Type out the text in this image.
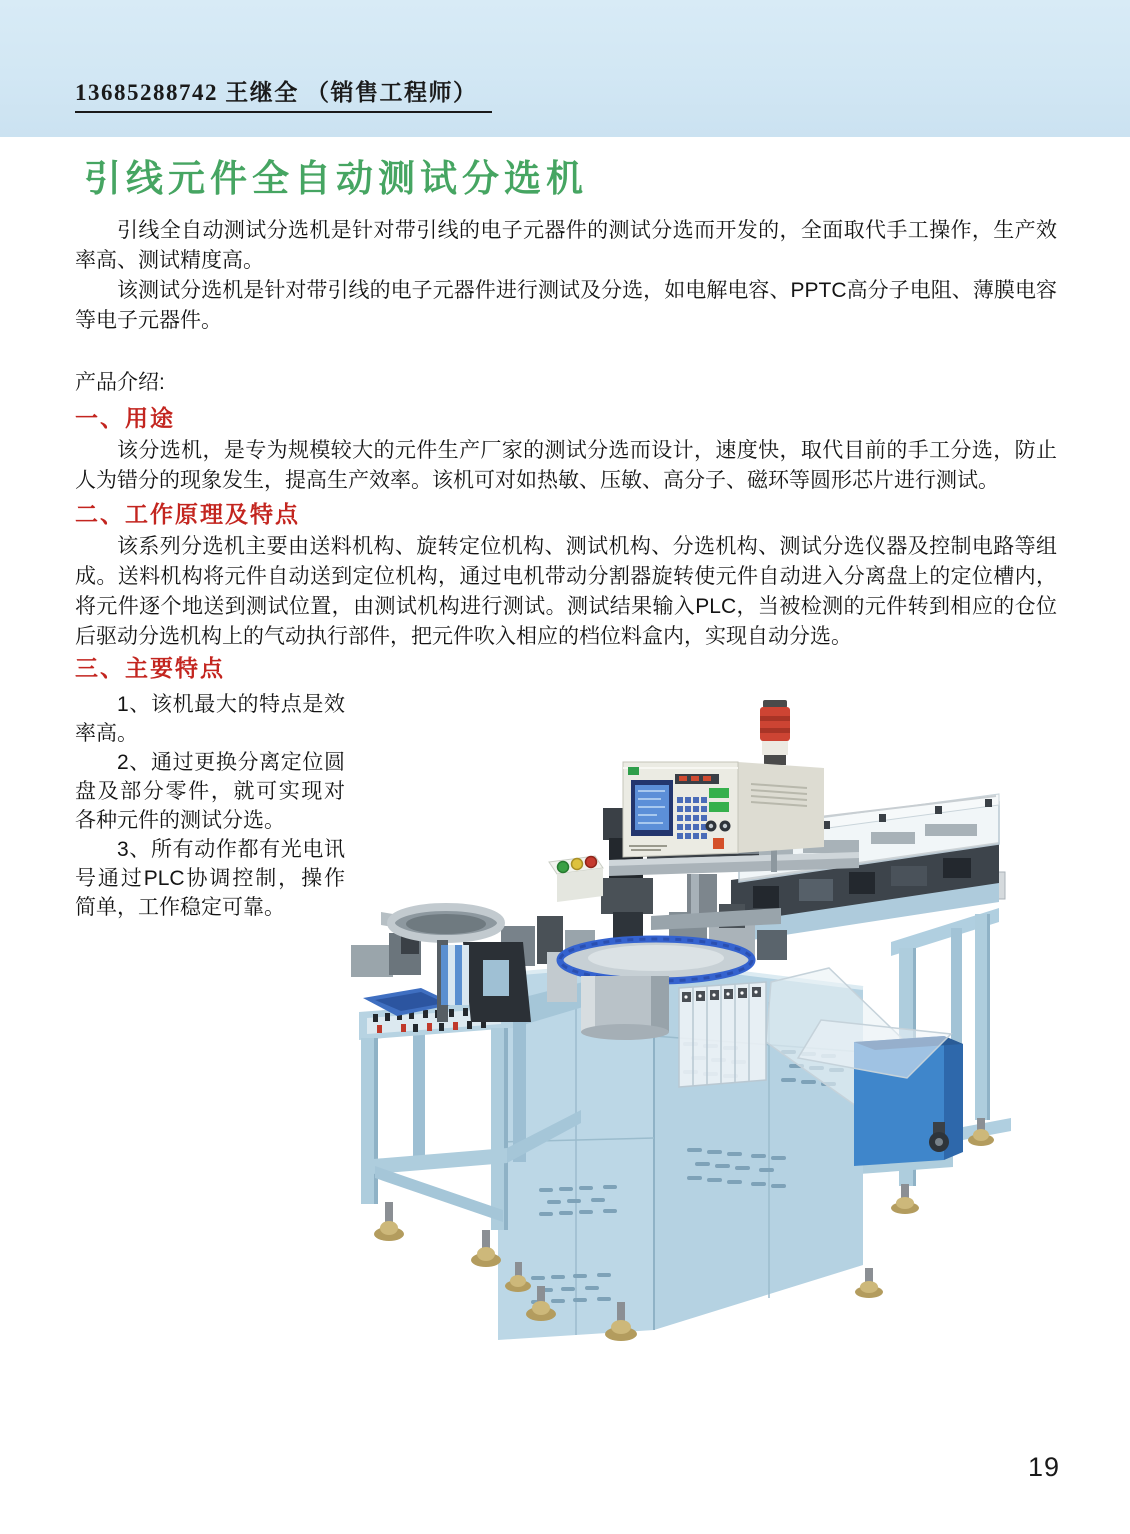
13685288742 王继全 （销售工程师）
引线元件全自动测试分选机

引线全自动测试分选机是针对带引线的电子元器件的测试分选而开发的，全面取代手工操作，生产效率高、测试精度高。

该测试分选机是针对带引线的电子元器件进行测试及分选，如电解电容、PPTC高分子电阻、薄膜电容等电子元器件。

产品介绍:

一、用途

该分选机，是专为规模较大的元件生产厂家的测试分选而设计，速度快，取代目前的手工分选，防止人为错分的现象发生，提高生产效率。该机可对如热敏、压敏、高分子、磁环等圆形芯片进行测试。

二、工作原理及特点

该系列分选机主要由送料机构、旋转定位机构、测试机构、分选机构、测试分选仪器及控制电路等组成。送料机构将元件自动送到定位机构，通过电机带动分割器旋转使元件自动进入分离盘上的定位槽内，将元件逐个地送到测试位置，由测试机构进行测试。测试结果输入PLC，当被检测的元件转到相应的仓位后驱动分选机构上的气动执行部件，把元件吹入相应的档位料盒内，实现自动分选。

三、主要特点

1、该机最大的特点是效率高。

2、通过更换分离定位圆盘及部分零件，就可实现对各种元件的测试分选。

3、所有动作都有光电讯号通过PLC协调控制，操作简单，工作稳定可靠。

19
